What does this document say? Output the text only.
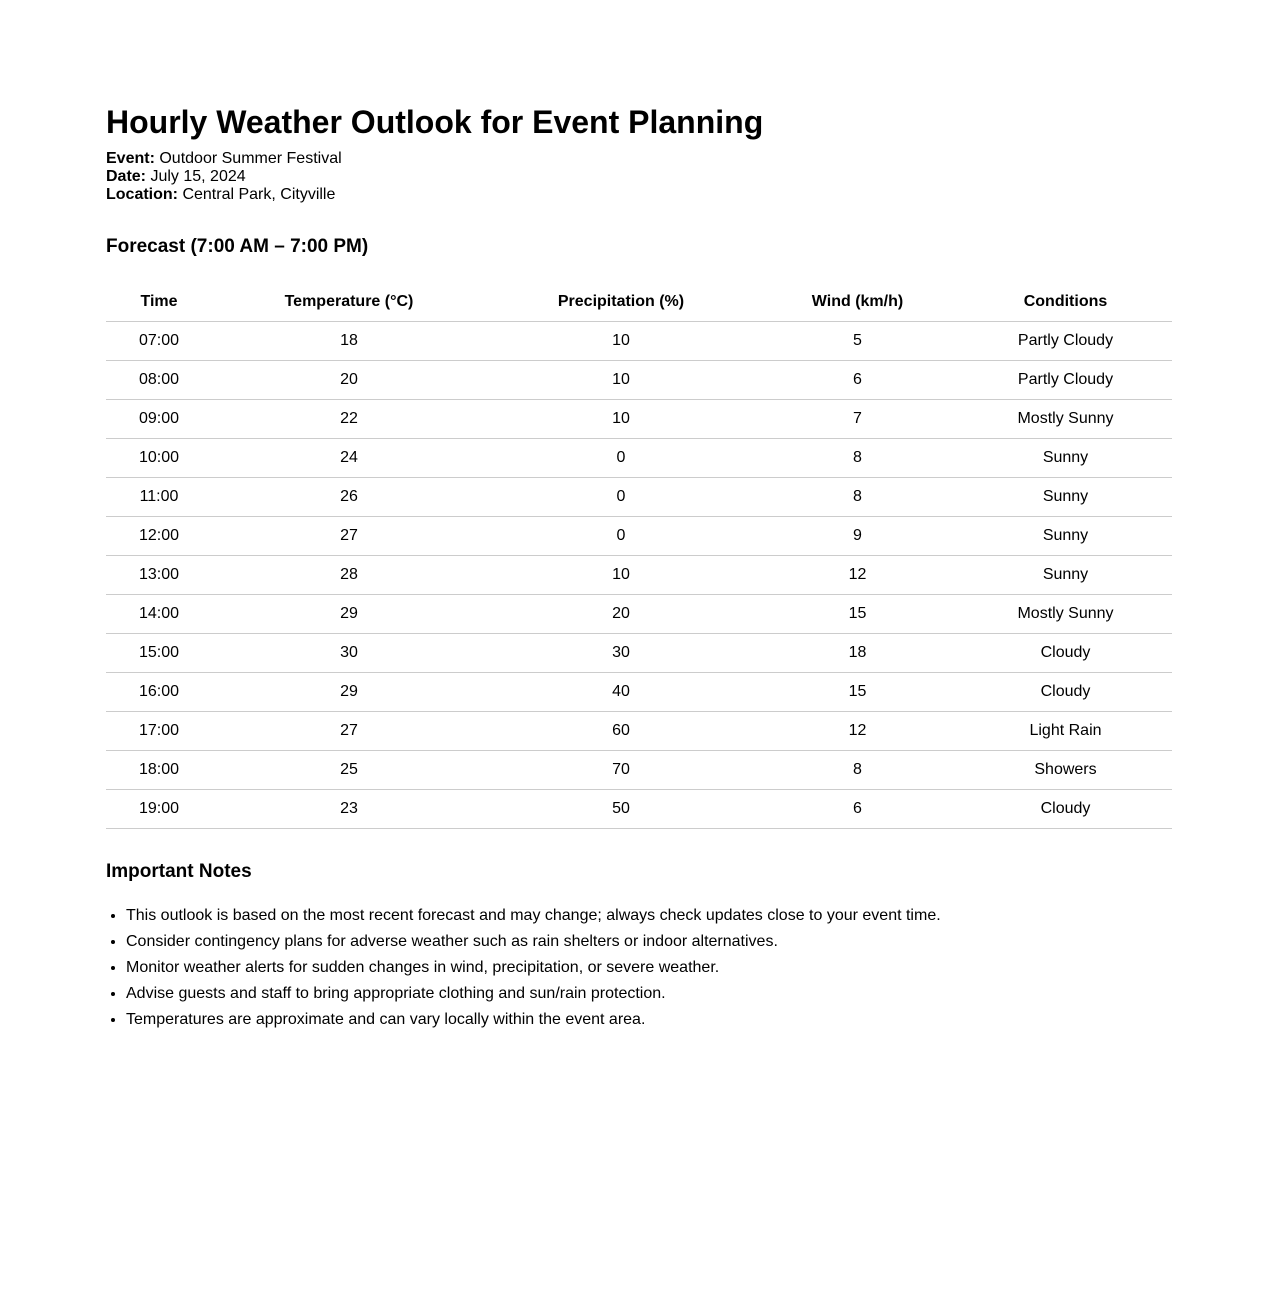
Hourly Weather Outlook for Event Planning
Event: Outdoor Summer Festival
Date: July 15, 2024
Location: Central Park, Cityville
Forecast (7:00 AM – 7:00 PM)
Time	Temperature (°C)	Precipitation (%)	Wind (km/h)	Conditions
07:00	18	10	5	Partly Cloudy
08:00	20	10	6	Partly Cloudy
09:00	22	10	7	Mostly Sunny
10:00	24	0	8	Sunny
11:00	26	0	8	Sunny
12:00	27	0	9	Sunny
13:00	28	10	12	Sunny
14:00	29	20	15	Mostly Sunny
15:00	30	30	18	Cloudy
16:00	29	40	15	Cloudy
17:00	27	60	12	Light Rain
18:00	25	70	8	Showers
19:00	23	50	6	Cloudy
Important Notes
• This outlook is based on the most recent forecast and may change; always check updates close to your event time.
• Consider contingency plans for adverse weather such as rain shelters or indoor alternatives.
• Monitor weather alerts for sudden changes in wind, precipitation, or severe weather.
• Advise guests and staff to bring appropriate clothing and sun/rain protection.
• Temperatures are approximate and can vary locally within the event area.
